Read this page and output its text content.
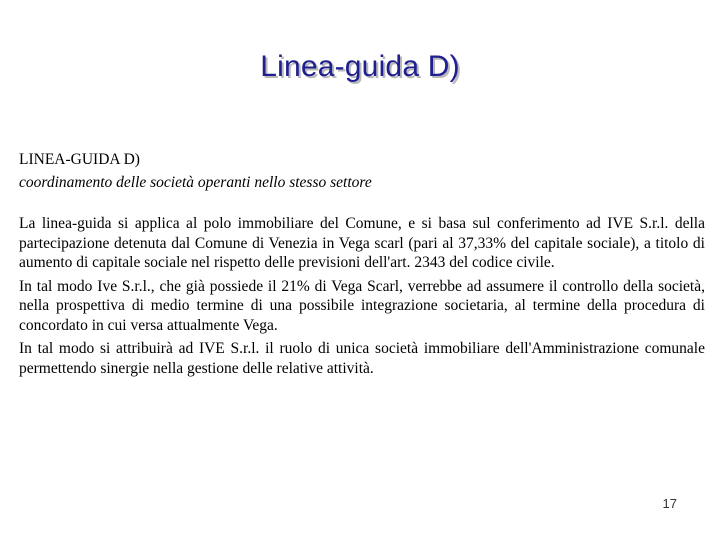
Linea-guida D)

LINEA-GUIDA D)

coordinamento delle società operanti nello stesso settore

La linea-guida si applica al polo immobiliare del Comune, e si basa sul conferimento ad IVE S.r.l. della partecipazione detenuta dal Comune di Venezia in Vega scarl (pari al 37,33% del capitale sociale), a titolo di aumento di capitale sociale nel rispetto delle previsioni dell'art. 2343 del codice civile.

In tal modo Ive S.r.l., che già possiede il 21% di Vega Scarl, verrebbe ad assumere il controllo della società, nella prospettiva di medio termine di una possibile integrazione societaria, al termine della procedura di concordato in cui versa attualmente Vega.

In tal modo si attribuirà ad IVE S.r.l. il ruolo di unica società immobiliare dell'Amministrazione comunale permettendo sinergie nella gestione delle relative attività.

17
